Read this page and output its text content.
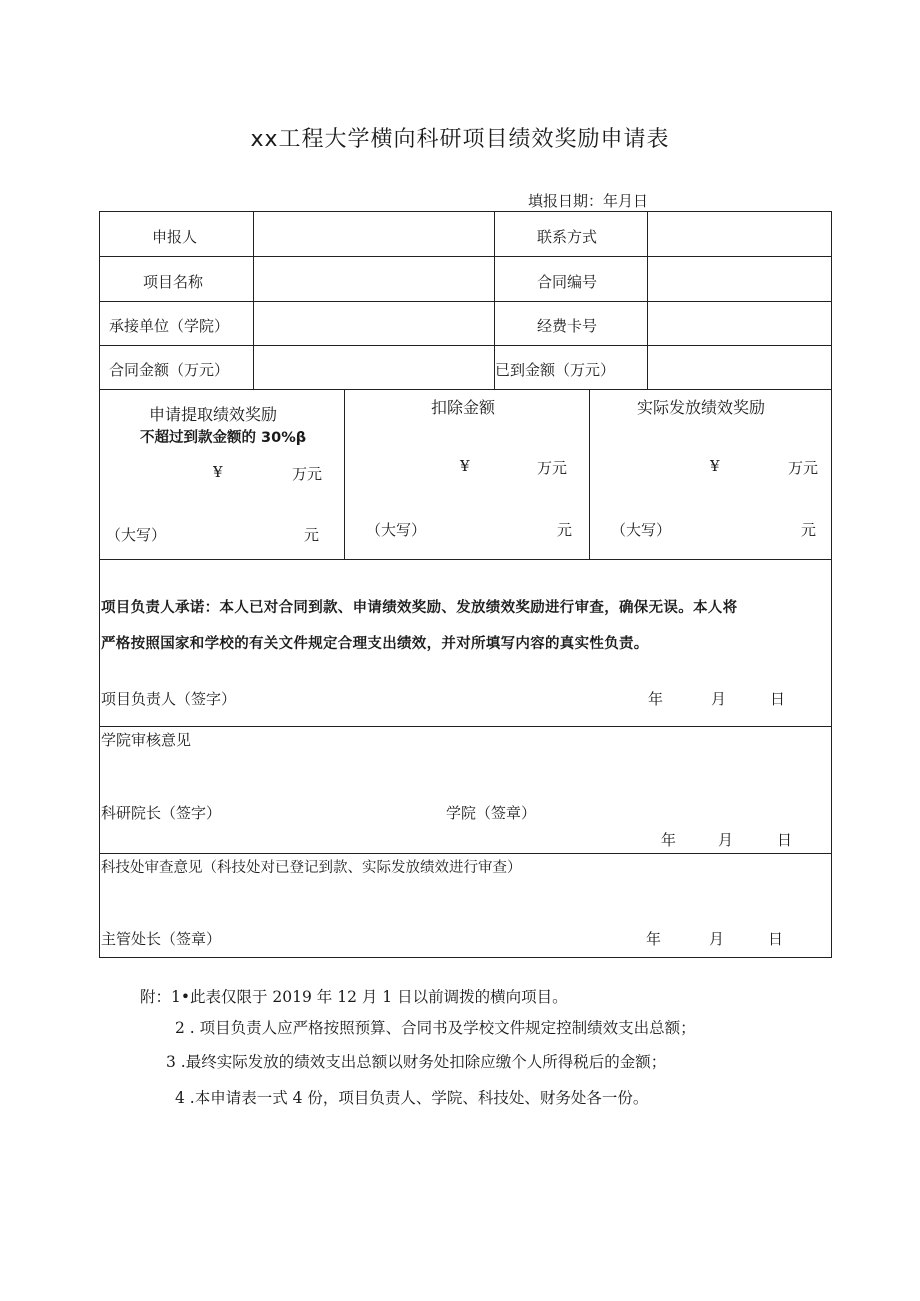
xx工程大学横向科研项目绩效奖励申请表
填报日期：年月日
申报人	联系方式
项目名称	合同编号
承接单位（学院）	经费卡号
合同金额（万元）	已到金额（万元）
申请提取绩效奖励
不超过到款金额的 30%β
¥	万元
（大写）	元
扣除金额
¥	万元
（大写）	元
实际发放绩效奖励
¥	万元
（大写）	元
项目负责人承诺：本人已对合同到款、申请绩效奖励、发放绩效奖励进行审查，确保无误。本人将
严格按照国家和学校的有关文件规定合理支出绩效，并对所填写内容的真实性负责。
项目负责人（签字）	年	月	日
学院审核意见
科研院长（签字）	学院（签章）
年	月	日
科技处审查意见（科技处对已登记到款、实际发放绩效进行审查）
主管处长（签章）	年	月	日
附：1•此表仅限于 2019 年 12 月 1 日以前调拨的横向项目。
2 . 项目负责人应严格按照预算、合同书及学校文件规定控制绩效支出总额；
3 .最终实际发放的绩效支出总额以财务处扣除应缴个人所得税后的金额；
4 .本申请表一式 4 份，项目负责人、学院、科技处、财务处各一份。
